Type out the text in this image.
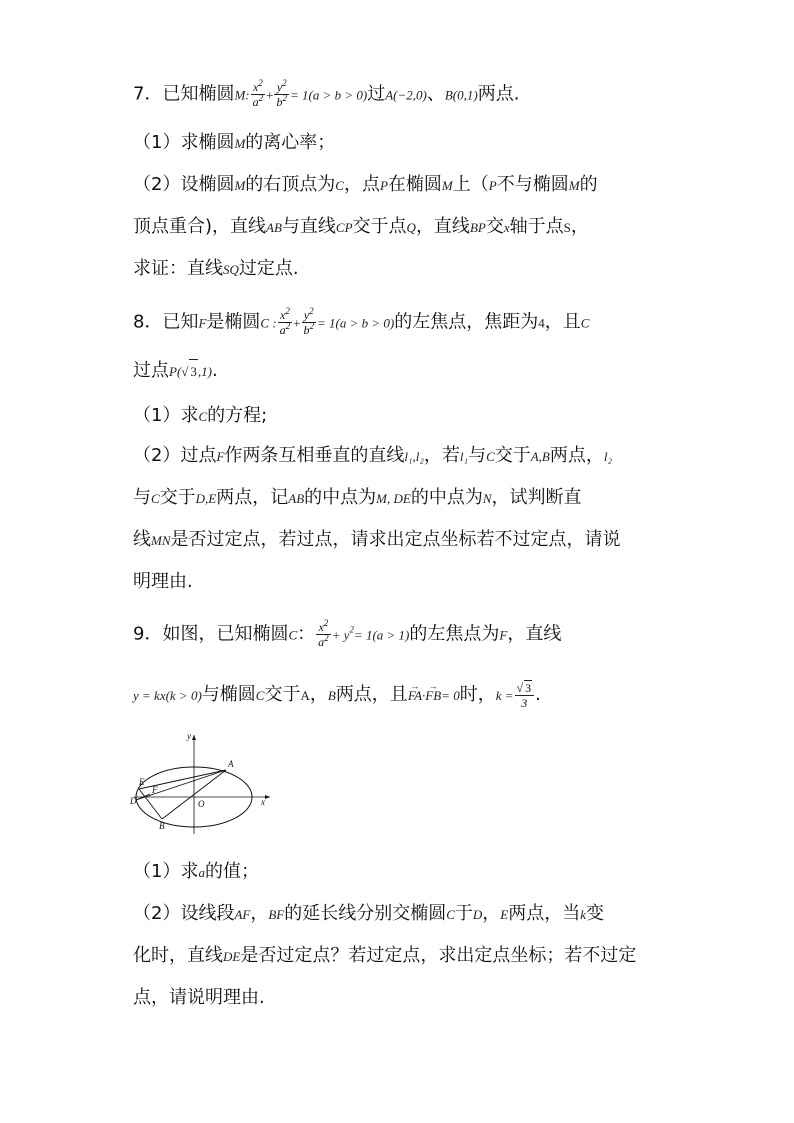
7．已知椭圆M: $\frac{x^2}{a^2} + \frac{y^2}{b^2} = 1(a > b > 0)$过A(−2,0)、B(0,1)两点.
（1）求椭圆M的离心率；
（2）设椭圆M的右顶点为C，点P在椭圆M上（P不与椭圆M的
顶点重合)，直线AB与直线CP交于点Q，直线BP交x轴于点S，
求证：直线SQ过定点.
8．已知F是椭圆C : $\frac{x^2}{a^2} + \frac{y^2}{b^2} = 1(a > b > 0)$的左焦点，焦距为4，且C
过点P(√ 3,1).
（1）求C的方程;
（2）过点F作两条互相垂直的直线l₁,l₂，若l₁与C交于A,B两点，l₂
与C交于D,E两点，记AB的中点为M, DE的中点为N，试判断直
线MN是否过定点，若过点，请求出定点坐标若不过定点，请说
明理由.
9．如图，已知椭圆C： $\frac{x^2}{a^2} + y^2= 1(a > 1)$的左焦点为F，直线
y = kx(k > 0)与椭圆C交于A，B两点，且→ FA·→ FB= 0时，$k = \frac{√ 3}{3}$ .
y
x
A
B
D
E
F
O
（1）求a的值；
（2）设线段AF，BF的延长线分别交椭圆C于D，E两点，当k变
化时，直线DE是否过定点？若过定点，求出定点坐标；若不过定
点，请说明理由.
